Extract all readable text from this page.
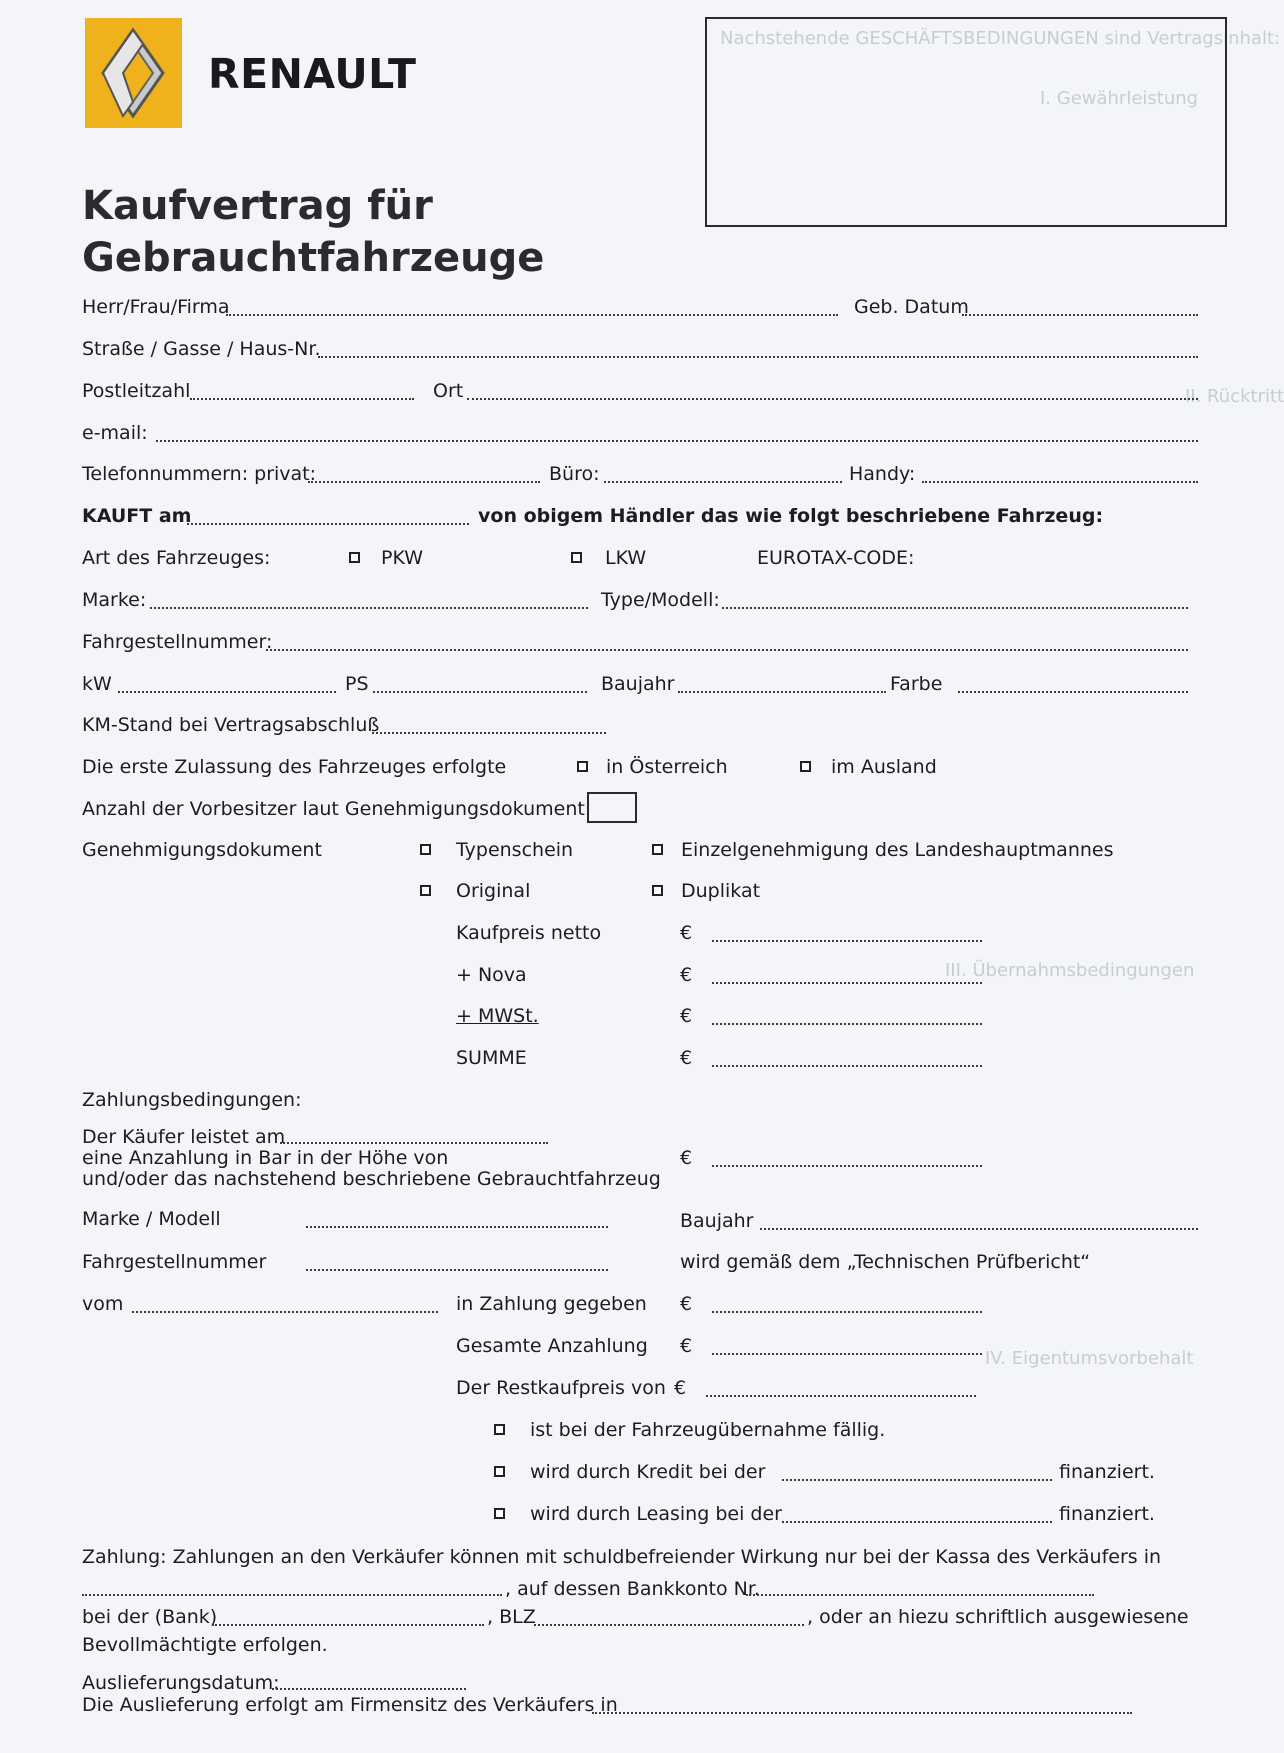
Nachstehende GESCHÄFTSBEDINGUNGEN sind Vertragsinhalt:
I. Gewährleistung
II. Rücktritt
III. Übernahmsbedingungen
IV. Eigentumsvorbehalt
RENAULT
Kaufvertrag für
Gebrauchtfahrzeuge
Herr/Frau/Firma	Geb. Datum
Straße / Gasse / Haus-Nr.
Postleitzahl	Ort
e-mail:
Telefonnummern: privat:	Büro:	Handy:
KAUFT am	von obigem Händler das wie folgt beschriebene Fahrzeug:
Art des Fahrzeuges:	PKW	LKW	EUROTAX-CODE:
Marke:	Type/Modell:
Fahrgestellnummer:
kW	PS	Baujahr	Farbe
KM-Stand bei Vertragsabschluß
Die erste Zulassung des Fahrzeuges erfolgte	in Österreich	im Ausland
Anzahl der Vorbesitzer laut Genehmigungsdokument
Genehmigungsdokument	Typenschein	Einzelgenehmigung des Landeshauptmannes
Original	Duplikat
Kaufpreis netto	€
+ Nova	€
+ MWSt.	€
SUMME	€
Zahlungsbedingungen:
Der Käufer leistet am
eine Anzahlung in Bar in der Höhe von	€
und/oder das nachstehend beschriebene Gebrauchtfahrzeug
Marke / Modell	Baujahr
Fahrgestellnummer	wird gemäß dem „Technischen Prüfbericht“
vom	in Zahlung gegeben €
Gesamte Anzahlung €
Der Restkaufpreis von €
ist bei der Fahrzeugübernahme fällig.
wird durch Kredit bei der	finanziert.
wird durch Leasing bei der	finanziert.
Zahlung: Zahlungen an den Verkäufer können mit schuldbefreiender Wirkung nur bei der Kassa des Verkäufers in
, auf dessen Bankkonto Nr.
bei der (Bank)	, BLZ	, oder an hiezu schriftlich ausgewiesene
Bevollmächtigte erfolgen.
Auslieferungsdatum:
Die Auslieferung erfolgt am Firmensitz des Verkäufers in
